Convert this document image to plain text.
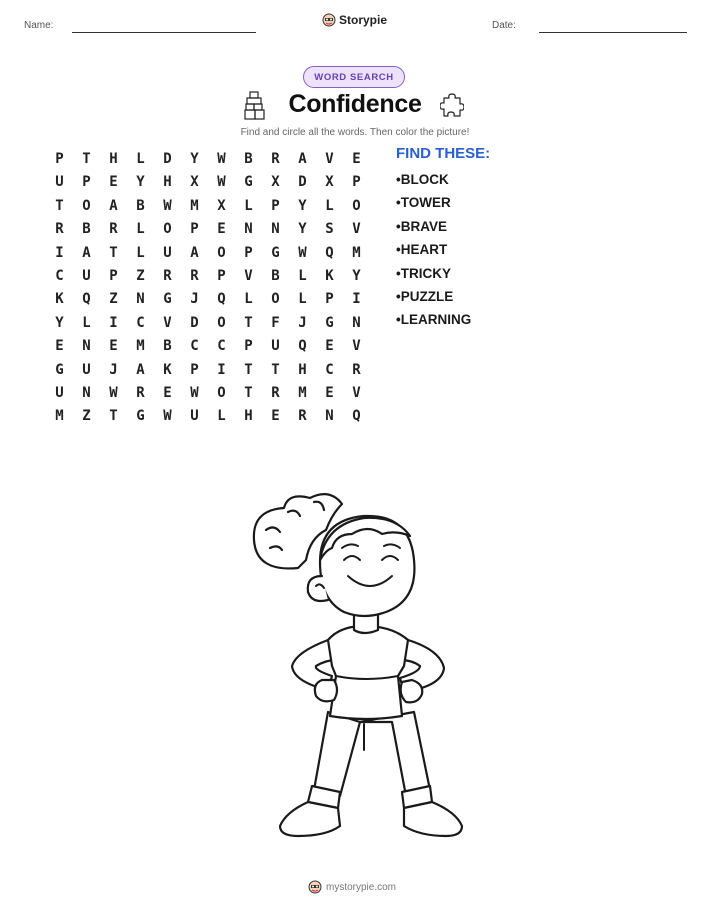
Name:	Storypie	Date:
WORD SEARCH
Confidence
Find and circle all the words. Then color the picture!
P	T	H	L	D	Y	W	B	R	A	V	E
U	P	E	Y	H	X	W	G	X	D	X	P
T	O	A	B	W	M	X	L	P	Y	L	O
R	B	R	L	O	P	E	N	N	Y	S	V
I	A	T	L	U	A	O	P	G	W	Q	M
C	U	P	Z	R	R	P	V	B	L	K	Y
K	Q	Z	N	G	J	Q	L	O	L	P	I
Y	L	I	C	V	D	O	T	F	J	G	N
E	N	E	M	B	C	C	P	U	Q	E	V
G	U	J	A	K	P	I	T	T	H	C	R
U	N	W	R	E	W	O	T	R	M	E	V
M	Z	T	G	W	U	L	H	E	R	N	Q
FIND THESE:
• BLOCK
• TOWER
• BRAVE
• HEART
• TRICKY
• PUZZLE
• LEARNING
mystorypie.com
